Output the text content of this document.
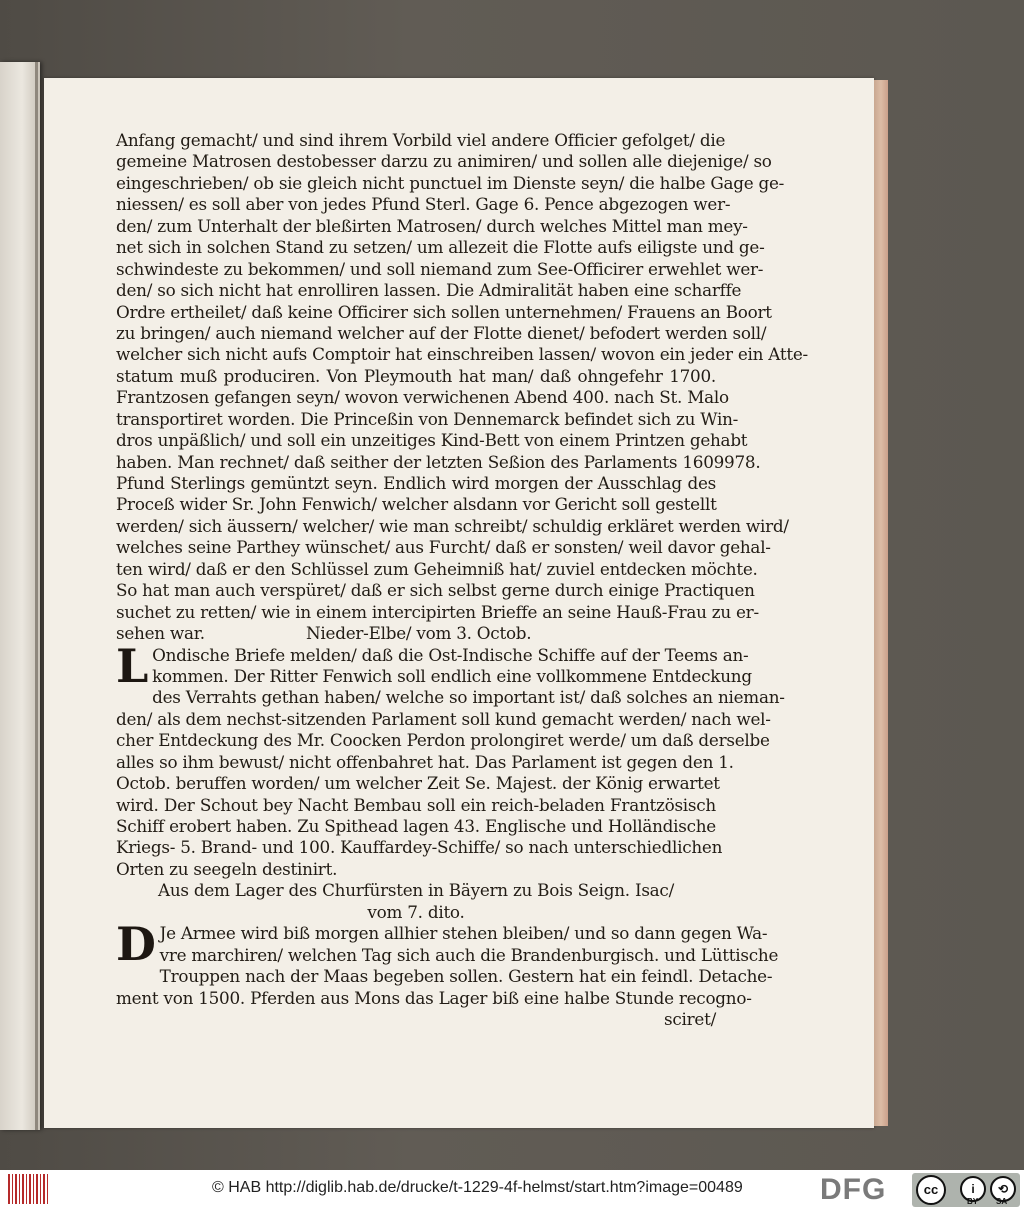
Anfang gemacht/ und sind ihrem Vorbild viel andere Officier gefolget/ die
gemeine Matrosen destobesser darzu zu animiren/ und sollen alle diejenige/ so
eingeschrieben/ ob sie gleich nicht punctuel im Dienste seyn/ die halbe Gage ge-
niessen/ es soll aber von jedes Pfund Sterl. Gage 6. Pence abgezogen wer-
den/ zum Unterhalt der bleßirten Matrosen/ durch welches Mittel man mey-
net sich in solchen Stand zu setzen/ um allezeit die Flotte aufs eiligste und ge-
schwindeste zu bekommen/ und soll niemand zum See-Officirer erwehlet wer-
den/ so sich nicht hat enrolliren lassen. Die Admiralität haben eine scharffe
Ordre ertheilet/ daß keine Officirer sich sollen unternehmen/ Frauens an Boort
zu bringen/ auch niemand welcher auf der Flotte dienet/ befodert werden soll/
welcher sich nicht aufs Comptoir hat einschreiben lassen/ wovon ein jeder ein Atte-
statum muß produciren. Von Pleymouth hat man/ daß ohngefehr 1700.
Frantzosen gefangen seyn/ wovon verwichenen Abend 400. nach St. Malo
transportiret worden. Die Princeßin von Dennemarck befindet sich zu Win-
dros unpäßlich/ und soll ein unzeitiges Kind-Bett von einem Printzen gehabt
haben. Man rechnet/ daß seither der letzten Seßion des Parlaments 1609978.
Pfund Sterlings gemüntzt seyn. Endlich wird morgen der Ausschlag des
Proceß wider Sr. John Fenwich/ welcher alsdann vor Gericht soll gestellt
werden/ sich äussern/ welcher/ wie man schreibt/ schuldig erkläret werden wird/
welches seine Parthey wünschet/ aus Furcht/ daß er sonsten/ weil davor gehal-
ten wird/ daß er den Schlüssel zum Geheimniß hat/ zuviel entdecken möchte.
So hat man auch verspüret/ daß er sich selbst gerne durch einige Practiquen
suchet zu retten/ wie in einem intercipirten Brieffe an seine Hauß-Frau zu er-
sehen war.	Nieder-Elbe/ vom 3. Octob.
L Ondische Briefe melden/ daß die Ost-Indische Schiffe auf der Teems an-
kommen. Der Ritter Fenwich soll endlich eine vollkommene Entdeckung
des Verrahts gethan haben/ welche so important ist/ daß solches an nieman-
den/ als dem nechst-sitzenden Parlament soll kund gemacht werden/ nach wel-
cher Entdeckung des Mr. Coocken Perdon prolongiret werde/ um daß derselbe
alles so ihm bewust/ nicht offenbahret hat. Das Parlament ist gegen den 1.
Octob. beruffen worden/ um welcher Zeit Se. Majest. der König erwartet
wird. Der Schout bey Nacht Bembau soll ein reich-beladen Frantzösisch
Schiff erobert haben. Zu Spithead lagen 43. Englische und Holländische
Kriegs- 5. Brand- und 100. Kauffardey-Schiffe/ so nach unterschiedlichen
Orten zu seegeln destinirt.
Aus dem Lager des Churfürsten in Bäyern zu Bois Seign. Isac/
vom 7. dito.
D Je Armee wird biß morgen allhier stehen bleiben/ und so dann gegen Wa-
vre marchiren/ welchen Tag sich auch die Brandenburgisch. und Lüttische
Trouppen nach der Maas begeben sollen. Gestern hat ein feindl. Detache-
ment von 1500. Pferden aus Mons das Lager biß eine halbe Stunde recogno-
sciret/
© HAB http://diglib.hab.de/drucke/t-1229-4f-helmst/start.htm?image=00489	DFG	cc	i	⟲
BY SA
